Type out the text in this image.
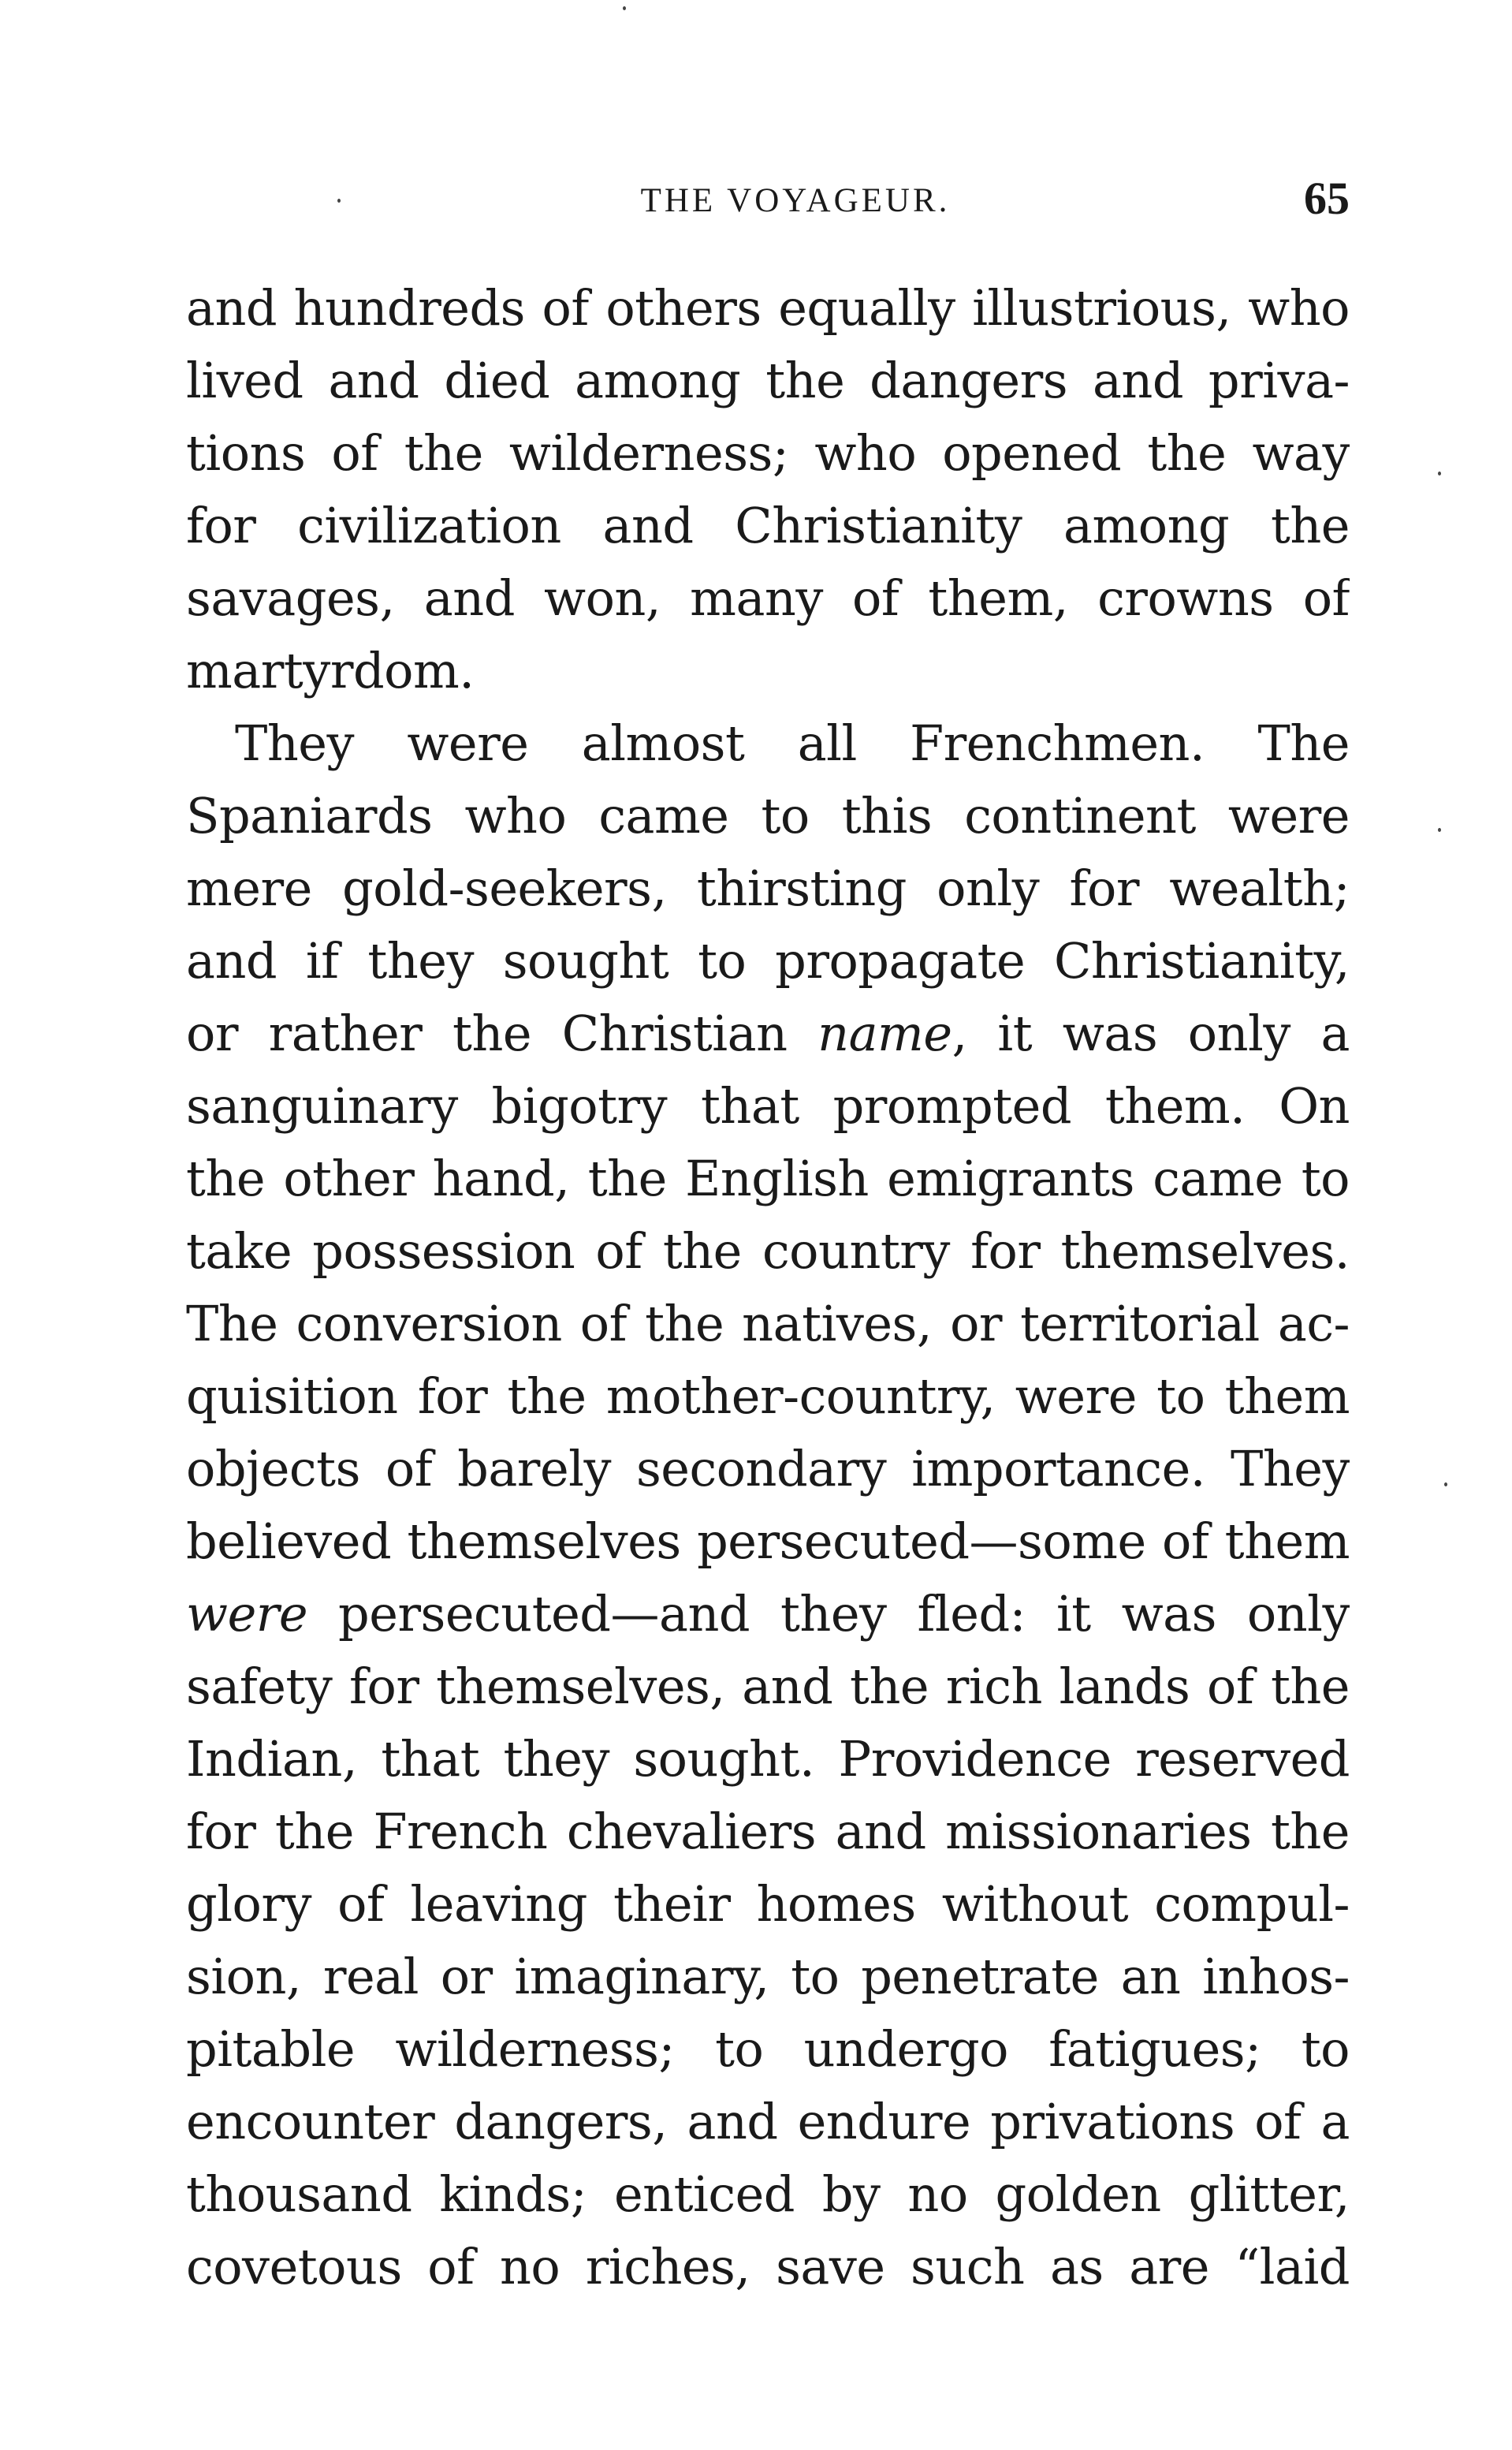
THE VOYAGEUR.	65
and hundreds of others equally illustrious, who
lived and died among the dangers and priva-
tions of the wilderness; who opened the way
for civilization and Christianity among the
savages, and won, many of them, crowns of
martyrdom.
They were almost all Frenchmen. The
Spaniards who came to this continent were
mere gold-seekers, thirsting only for wealth;
and if they sought to propagate Christianity,
or rather the Christian name, it was only a
sanguinary bigotry that prompted them. On
the other hand, the English emigrants came to
take possession of the country for themselves.
The conversion of the natives, or territorial ac-
quisition for the mother-country, were to them
objects of barely secondary importance. They
believed themselves persecuted—some of them
were persecuted—and they fled: it was only
safety for themselves, and the rich lands of the
Indian, that they sought. Providence reserved
for the French chevaliers and missionaries the
glory of leaving their homes without compul-
sion, real or imaginary, to penetrate an inhos-
pitable wilderness; to undergo fatigues; to
encounter dangers, and endure privations of a
thousand kinds; enticed by no golden glitter,
covetous of no riches, save such as are “laid
